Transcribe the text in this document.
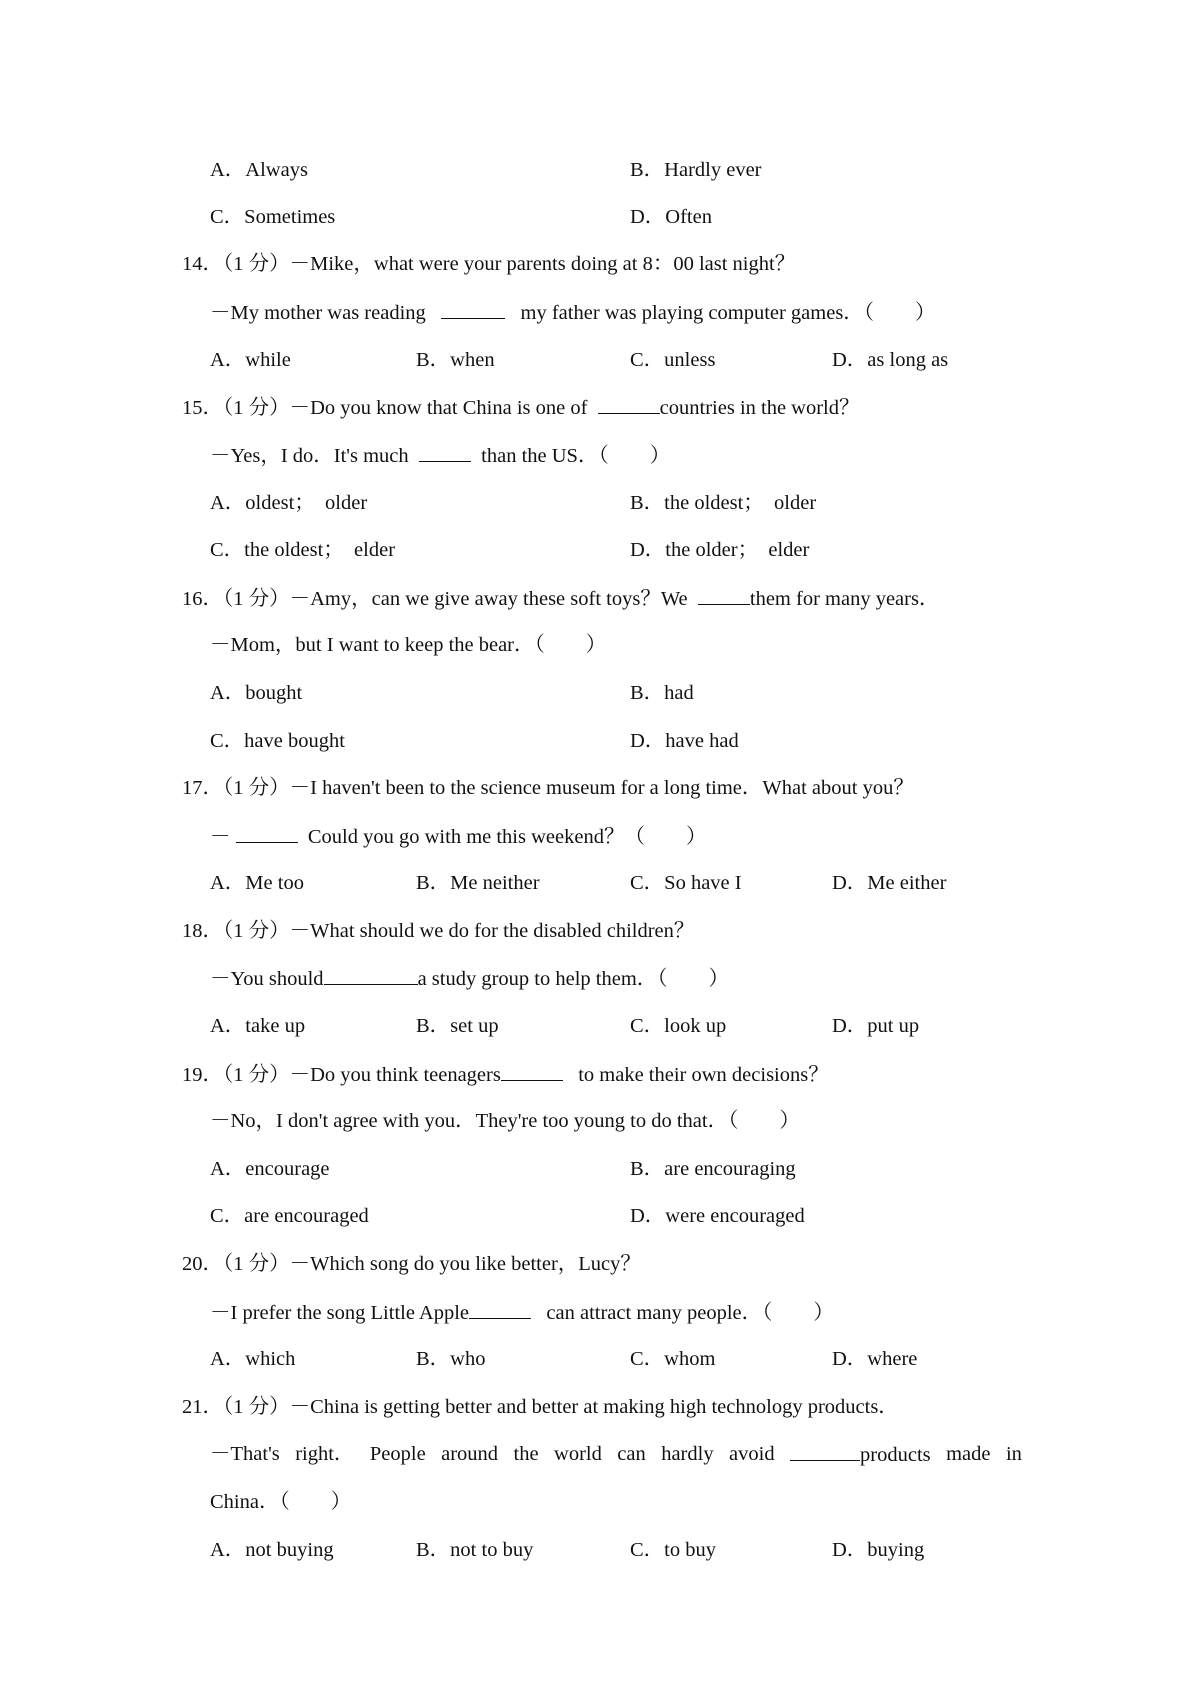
A．Always	B．Hardly ever
C．Sometimes	D．Often
14．（1 分）－Mike，what were your parents doing at 8：00 last night？
－My mother was reading	my father was playing computer games．（　　）
A．while	B．when	C．unless	D．as long as
15．（1 分）－Do you know that China is one of	countries in the world？
－Yes，I do．It's much	than the US．（　　）
A．oldest；　older	B．the oldest；　older
C．the oldest；　elder	D．the older；　elder
16．（1 分）－Amy，can we give away these soft toys？We	them for many years．
－Mom，but I want to keep the bear．（　　）
A．bought	B．had
C．have bought	D．have had
17．（1 分）－I haven't been to the science museum for a long time．What about you？
－	Could you go with me this weekend？（　　）
A．Me too	B．Me neither	C．So have I	D．Me either
18．（1 分）－What should we do for the disabled children？
－You should	a study group to help them．（　　）
A．take up	B．set up	C．look up	D．put up
19．（1 分）－Do you think teenagers	to make their own decisions？
－No，I don't agree with you．They're too young to do that．（　　）
A．encourage	B．are encouraging
C．are encouraged	D．were encouraged
20．（1 分）－Which song do you like better，Lucy？
－I prefer the song Little Apple	can attract many people．（　　）
A．which	B．who	C．whom	D．where
21．（1 分）－China is getting better and better at making high technology products．
－That's right． People around the world can hardly avoid	products made in
China．（　　）
A．not buying	B．not to buy	C．to buy	D．buying
